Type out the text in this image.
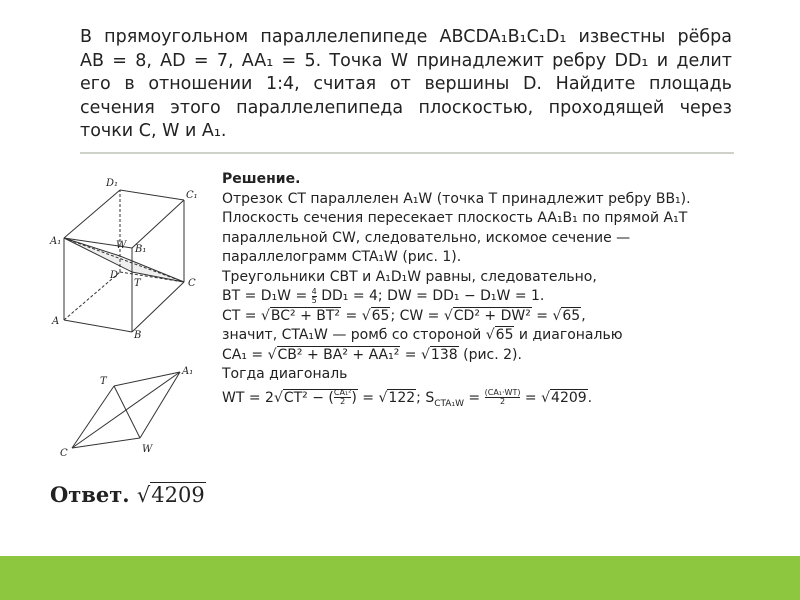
В прямоугольном параллелепипеде ABCDA₁B₁C₁D₁ известны рёбра
AB = 8, AD = 7, AA₁ = 5. Точка W принадлежит ребру DD₁ и делит
его в отношении 1:4, считая от вершины D. Найдите площадь
сечения этого параллелепипеда плоскостью, проходящей через
точки C, W и A₁.
D₁
C₁
A₁	W B₁
D
T	C
A
B
T
A₁
C	W
Решение.
Отрезок CT параллелен A₁W (точка T принадлежит ребру BB₁).
Плоскость сечения пересекает плоскость AA₁B₁ по прямой A₁T
параллельной CW, следовательно, искомое сечение —
параллелограмм CTA₁W (рис. 1).
Треугольники CBT и A₁D₁W равны, следовательно,
BT = $D_1W = \frac{4}{5} DD_1 = 4$; DW = DD₁ − D₁W = 1.
CT = √BC² + BT² = √65; CW = √CD² + DW² = √65,
значит, CTA₁W — ромб со стороной √65 и диагональю
CA₁ = √CB² + BA² + AA₁² = √138 (рис. 2).
Тогда диагональ
WT = 2√CT² − ( $\frac{\text{CA₁²}}{2}$ ) = √122; $S_{CTA_1W} = \frac{\text{(CA₁·WT)}}{2} = √4209$.
Ответ. √4209
